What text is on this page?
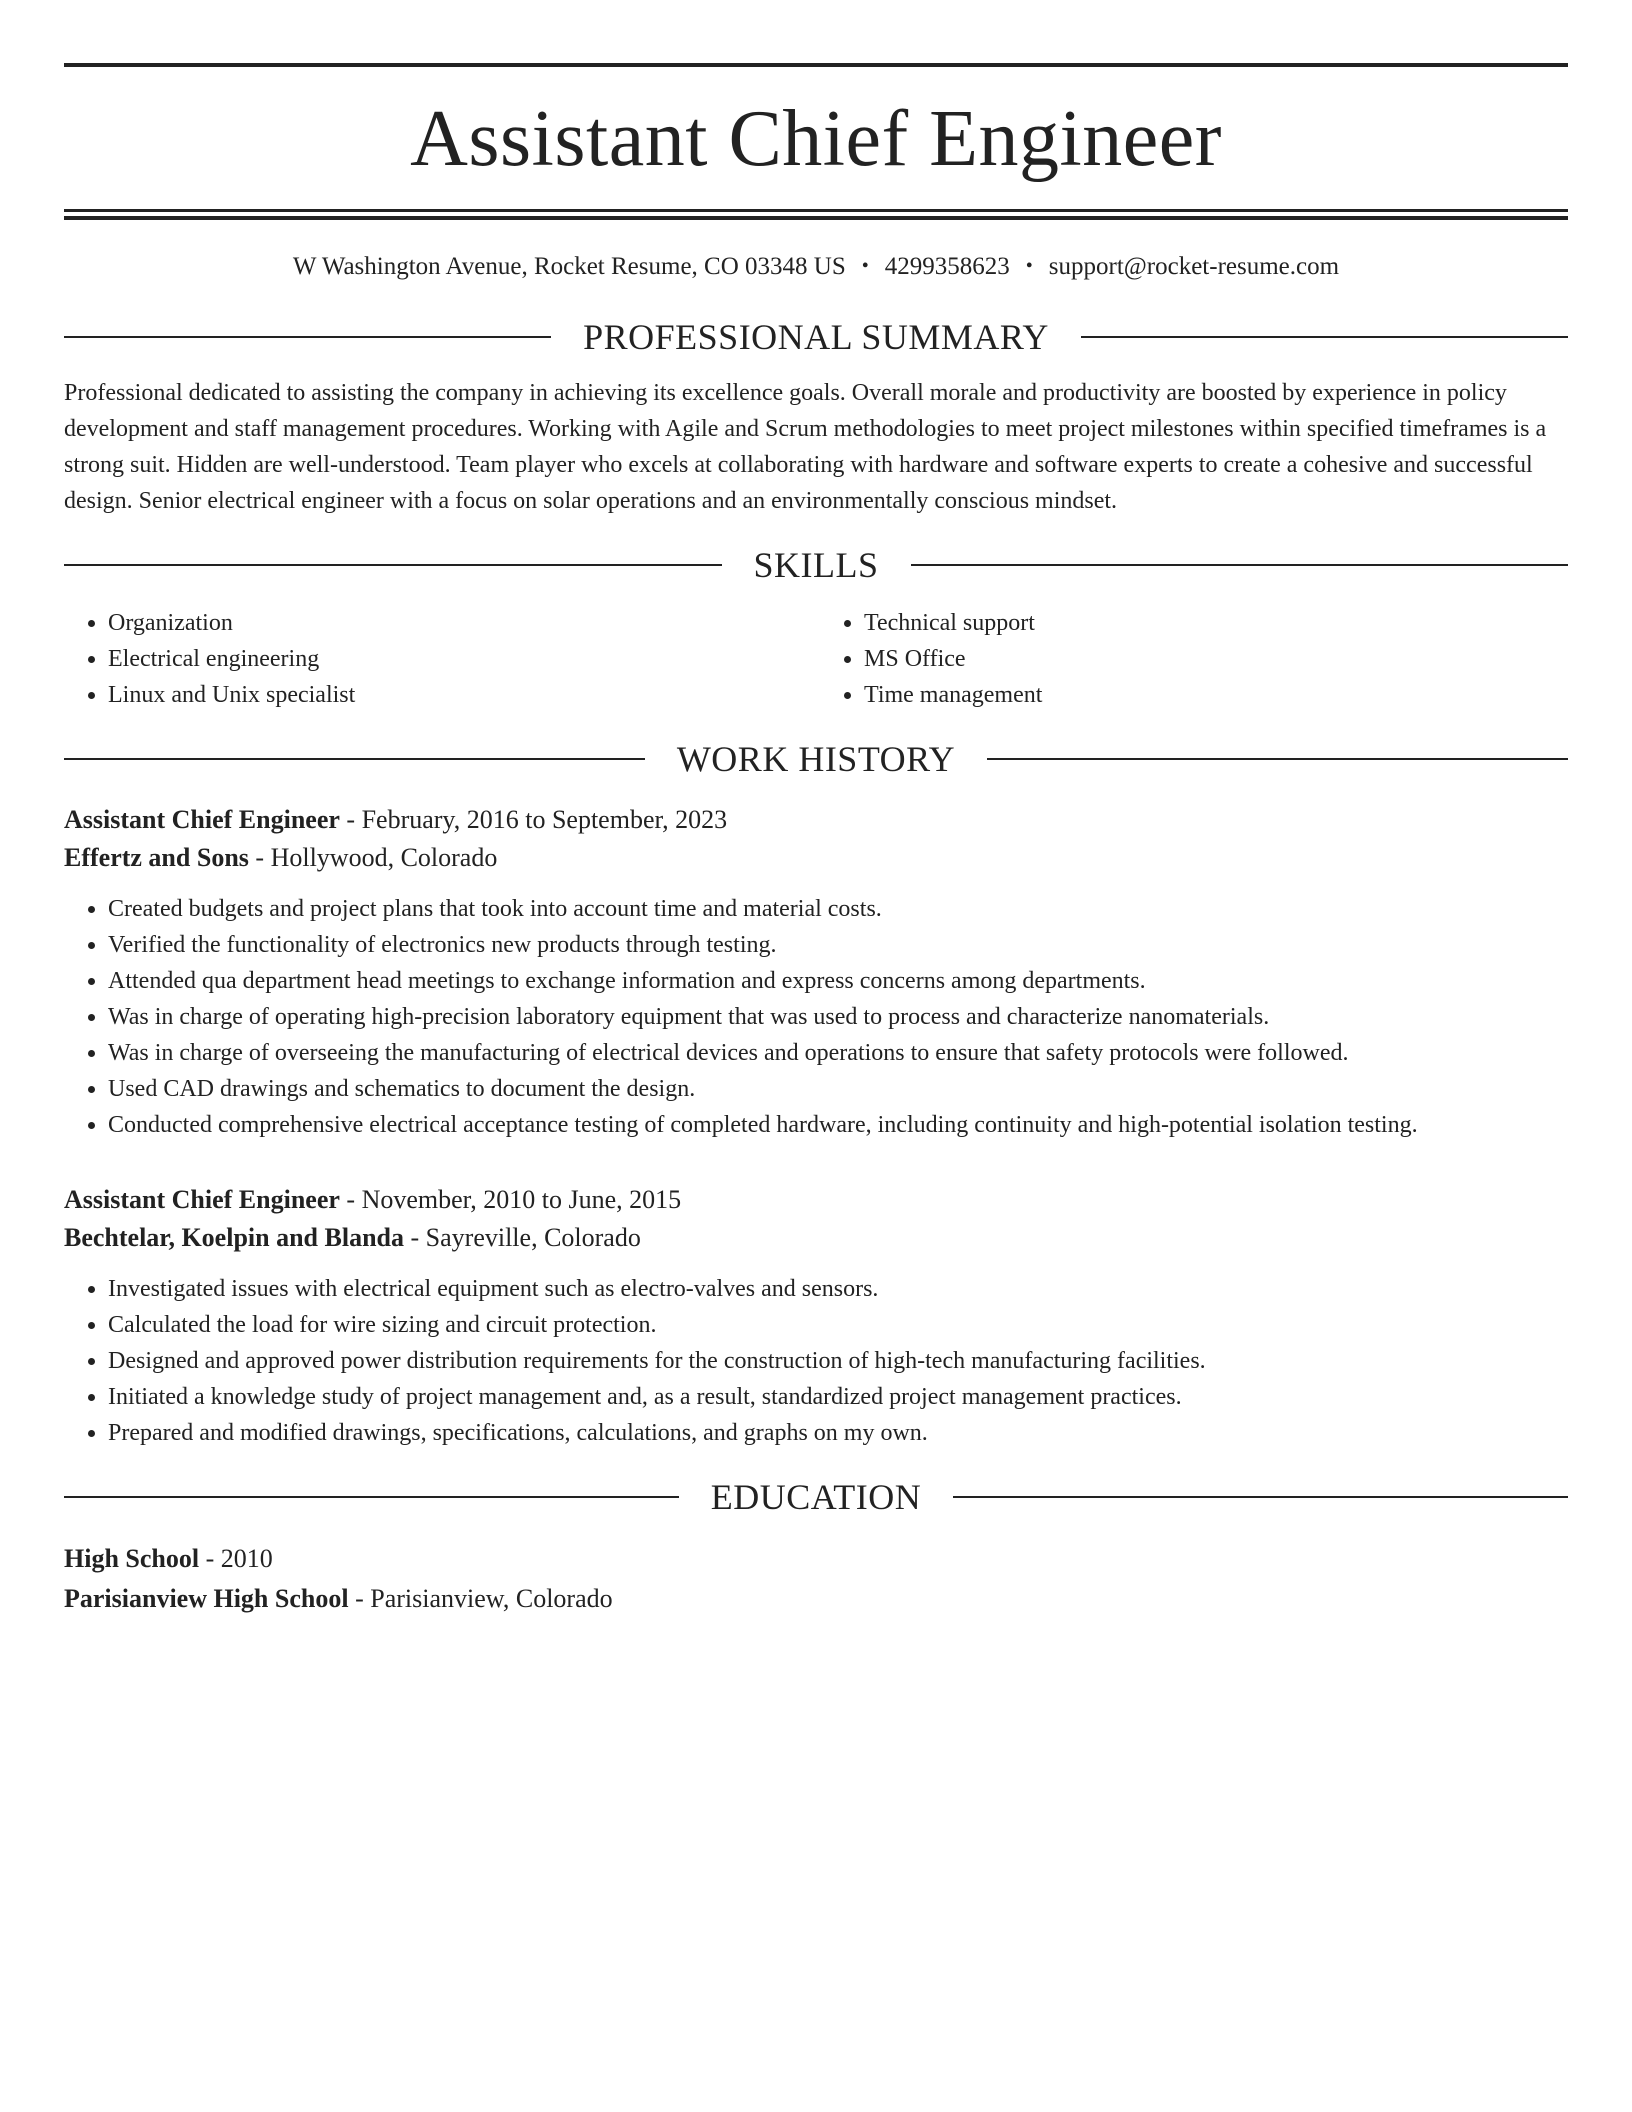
Assistant Chief Engineer
W Washington Avenue, Rocket Resume, CO 03348 US • 4299358623 • support@rocket-resume.com
PROFESSIONAL SUMMARY
Professional dedicated to assisting the company in achieving its excellence goals. Overall morale and productivity are boosted by experience in policy development and staff management procedures. Working with Agile and Scrum methodologies to meet project milestones within specified timeframes is a strong suit. Hidden are well-understood. Team player who excels at collaborating with hardware and software experts to create a cohesive and successful design. Senior electrical engineer with a focus on solar operations and an environmentally conscious mindset.
SKILLS
• Organization
• Electrical engineering
• Linux and Unix specialist
• Technical support
• MS Office
• Time management
WORK HISTORY
Assistant Chief Engineer - February, 2016 to September, 2023
Effertz and Sons - Hollywood, Colorado
• Created budgets and project plans that took into account time and material costs.
• Verified the functionality of electronics new products through testing.
• Attended qua department head meetings to exchange information and express concerns among departments.
• Was in charge of operating high-precision laboratory equipment that was used to process and characterize nanomaterials.
• Was in charge of overseeing the manufacturing of electrical devices and operations to ensure that safety protocols were followed.
• Used CAD drawings and schematics to document the design.
• Conducted comprehensive electrical acceptance testing of completed hardware, including continuity and high-potential isolation testing.
Assistant Chief Engineer - November, 2010 to June, 2015
Bechtelar, Koelpin and Blanda - Sayreville, Colorado
• Investigated issues with electrical equipment such as electro-valves and sensors.
• Calculated the load for wire sizing and circuit protection.
• Designed and approved power distribution requirements for the construction of high-tech manufacturing facilities.
• Initiated a knowledge study of project management and, as a result, standardized project management practices.
• Prepared and modified drawings, specifications, calculations, and graphs on my own.
EDUCATION
High School - 2010
Parisianview High School - Parisianview, Colorado
